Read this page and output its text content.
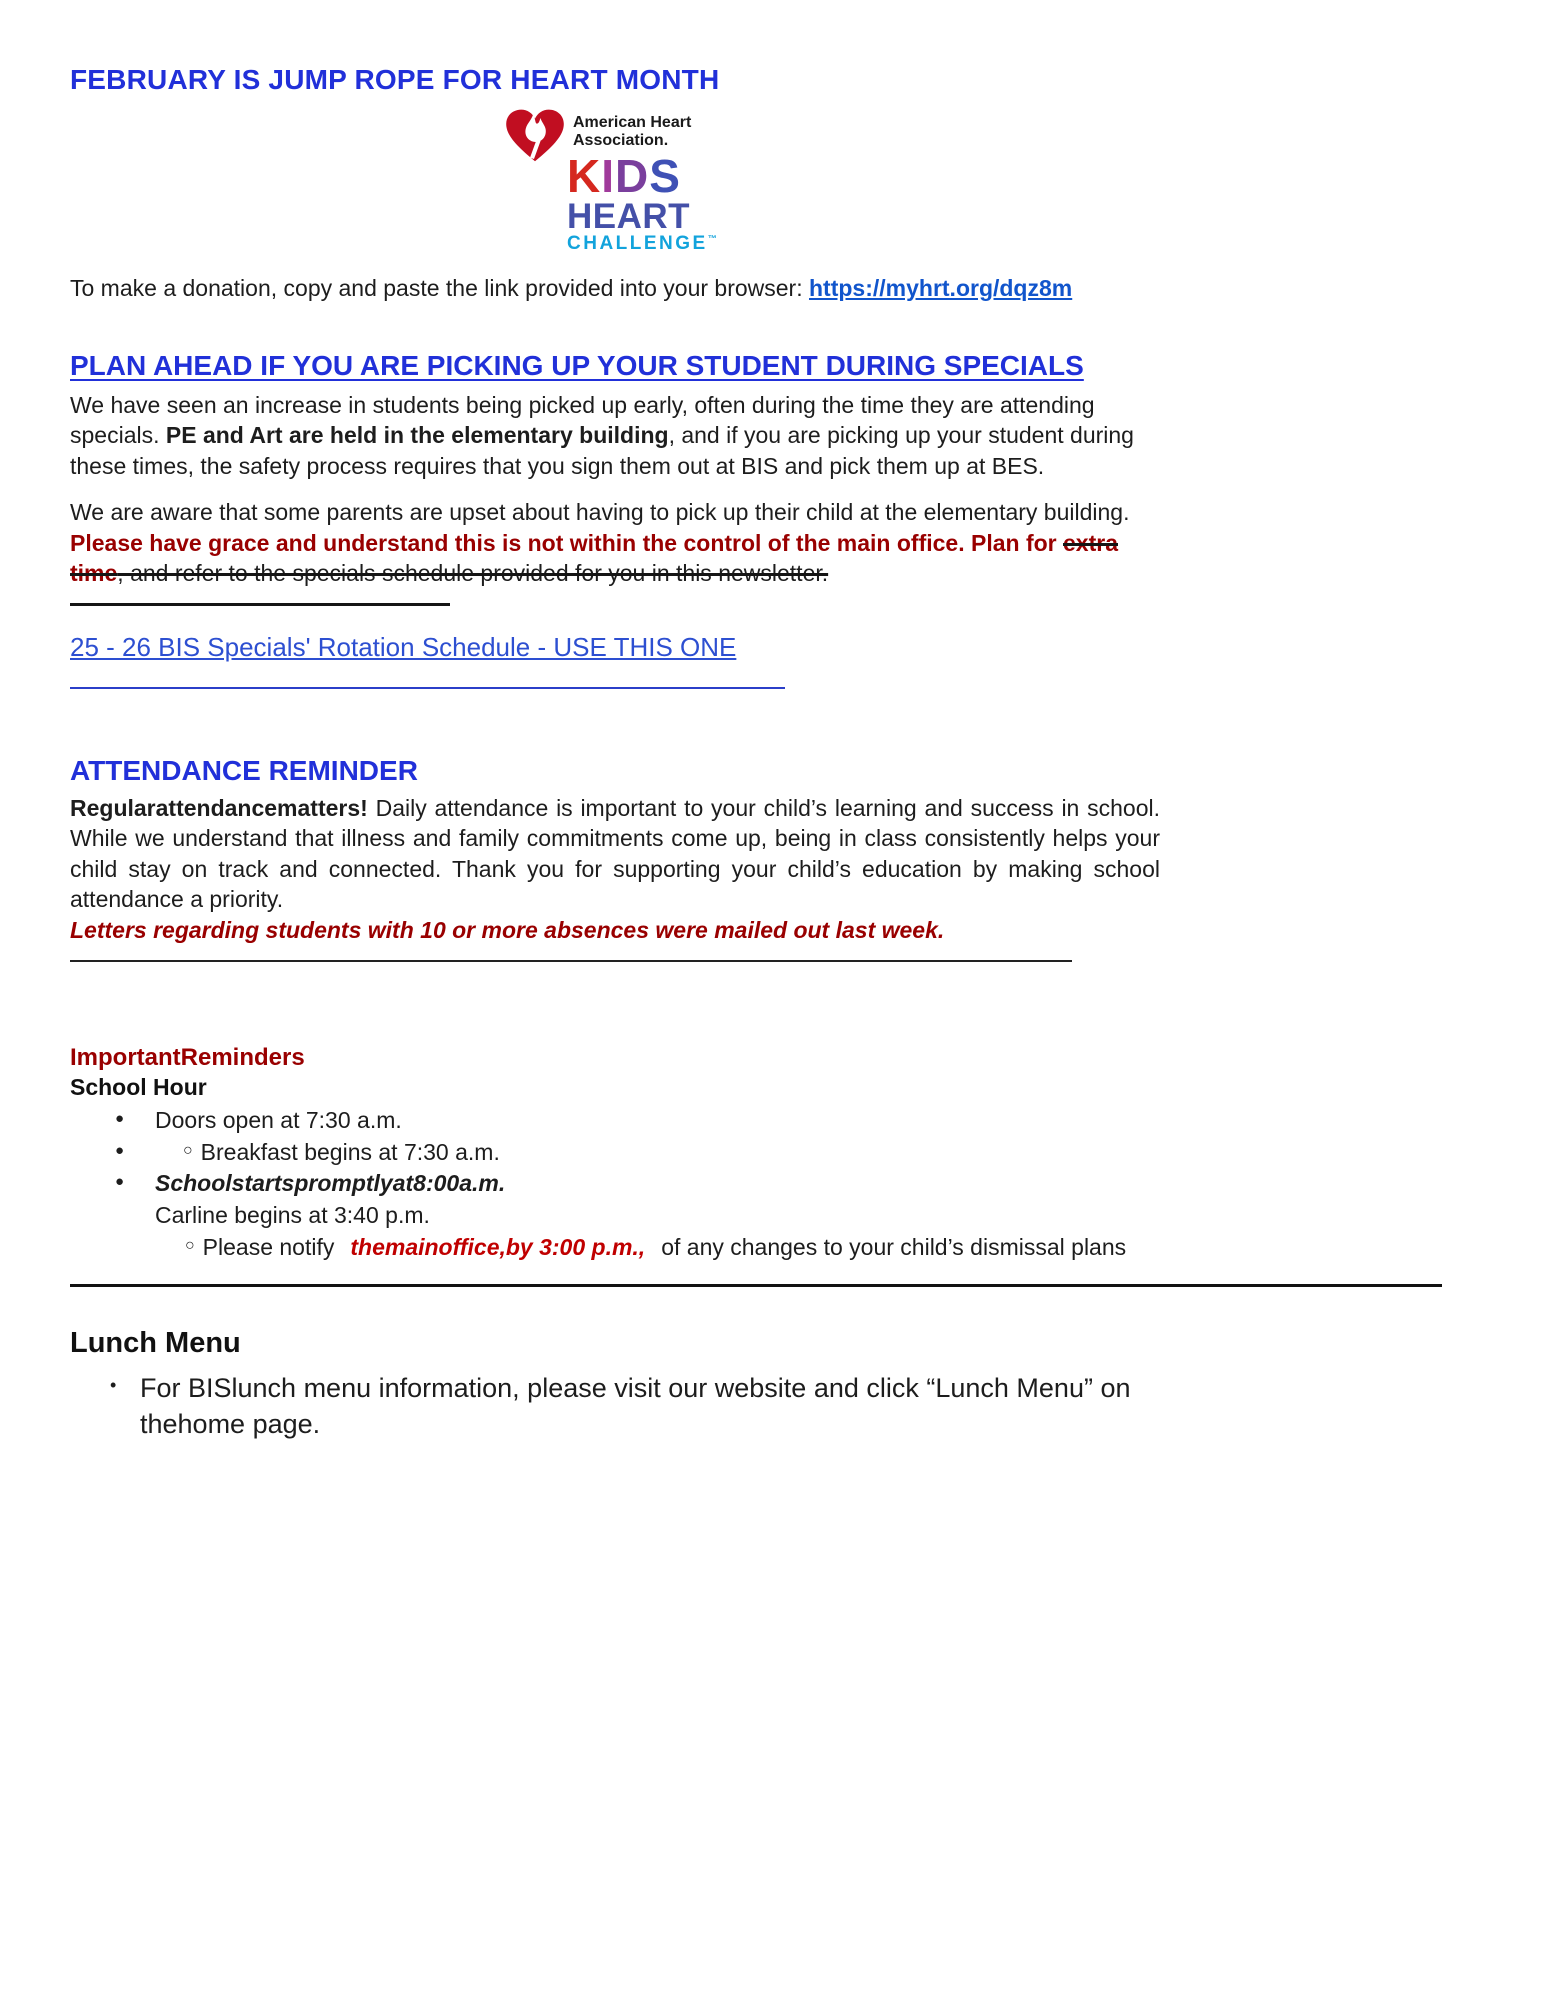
FEBRUARY IS JUMP ROPE FOR HEART MONTH
American Heart
Association.
KIDS
HEART
CHALLENGE™

To make a donation, copy and paste the link provided into your browser: https://myhrt.org/dqz8m

PLAN AHEAD IF YOU ARE PICKING UP YOUR STUDENT DURING SPECIALS

We have seen an increase in students being picked up early, often during the time they are attending specials. PE and Art are held in the elementary building, and if you are picking up your student during these times, the safety process requires that you sign them out at BIS and pick them up at BES.

We are aware that some parents are upset about having to pick up their child at the elementary building. Please have grace and understand this is not within the control of the main office. Plan for extra time, and refer to the specials schedule provided for you in this newsletter.

25 - 26 BIS Specials' Rotation Schedule - USE THIS ONE
ATTENDANCE REMINDER

Regularattendancematters! Daily attendance is important to your child’s learning and success in school. While we understand that illness and family commitments come up, being in class consistently helps your child stay on track and connected. Thank you for supporting your child’s education by making school attendance a priority.

Letters regarding students with 10 or more absences were mailed out last week.

ImportantReminders
School Hour
●	Doors open at 7:30 a.m.
●	○ Breakfast begins at 7:30 a.m.
●	Schoolstartspromptlyat8:00a.m.
Carline begins at 3:40 p.m.
○ Please notify themainoffice,by 3:00 p.m., of any changes to your child’s dismissal plans
Lunch Menu
• For BISlunch menu information, please visit our website and click “Lunch Menu” on thehome page.
